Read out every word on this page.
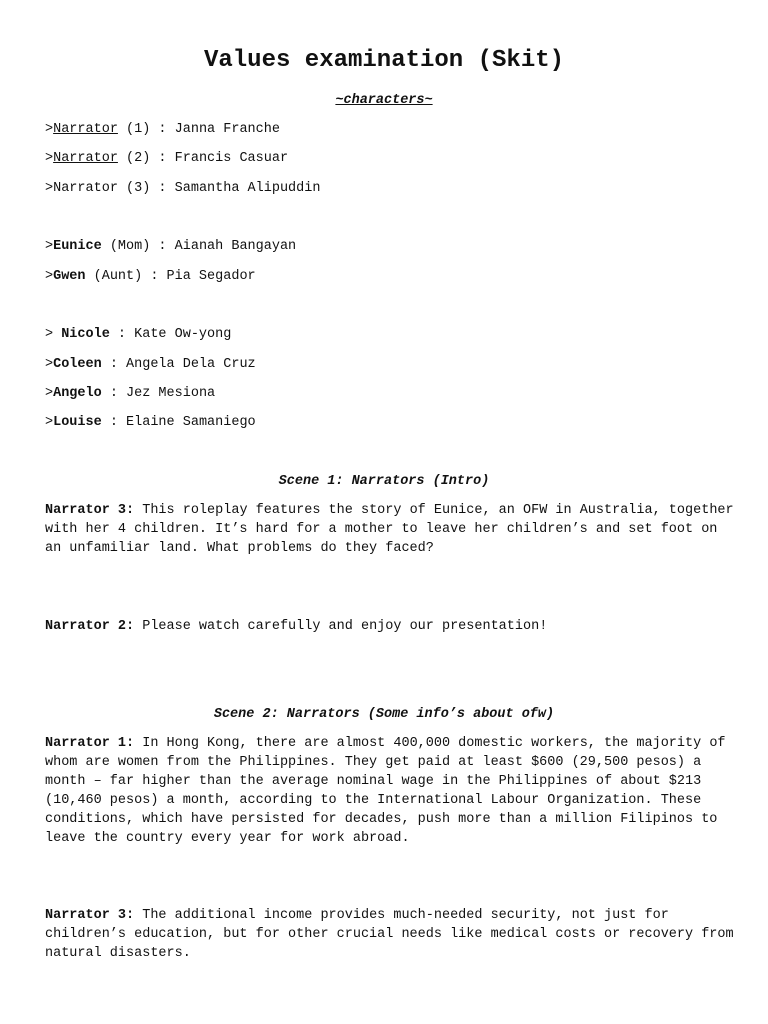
Values examination (Skit)
~characters~
>Narrator (1) : Janna Franche
>Narrator (2) : Francis Casuar
>Narrator (3) : Samantha Alipuddin
>Eunice (Mom) : Aianah Bangayan
>Gwen (Aunt) : Pia Segador
> Nicole : Kate Ow-yong
>Coleen : Angela Dela Cruz
>Angelo : Jez Mesiona
>Louise : Elaine Samaniego
Scene 1: Narrators (Intro)

Narrator 3: This roleplay features the story of Eunice, an OFW in Australia, together with her 4 children. It’s hard for a mother to leave her children’s and set foot on an unfamiliar land. What problems do they faced?

Narrator 2: Please watch carefully and enjoy our presentation!

Scene 2: Narrators (Some info’s about ofw)

Narrator 1: In Hong Kong, there are almost 400,000 domestic workers, the majority of whom are women from the Philippines. They get paid at least $600 (29,500 pesos) a month – far higher than the average nominal wage in the Philippines of about $213 (10,460 pesos) a month, according to the International Labour Organization. These conditions, which have persisted for decades, push more than a million Filipinos to leave the country every year for work abroad.

Narrator 3: The additional income provides much-needed security, not just for children’s education, but for other crucial needs like medical costs or recovery from natural disasters.
